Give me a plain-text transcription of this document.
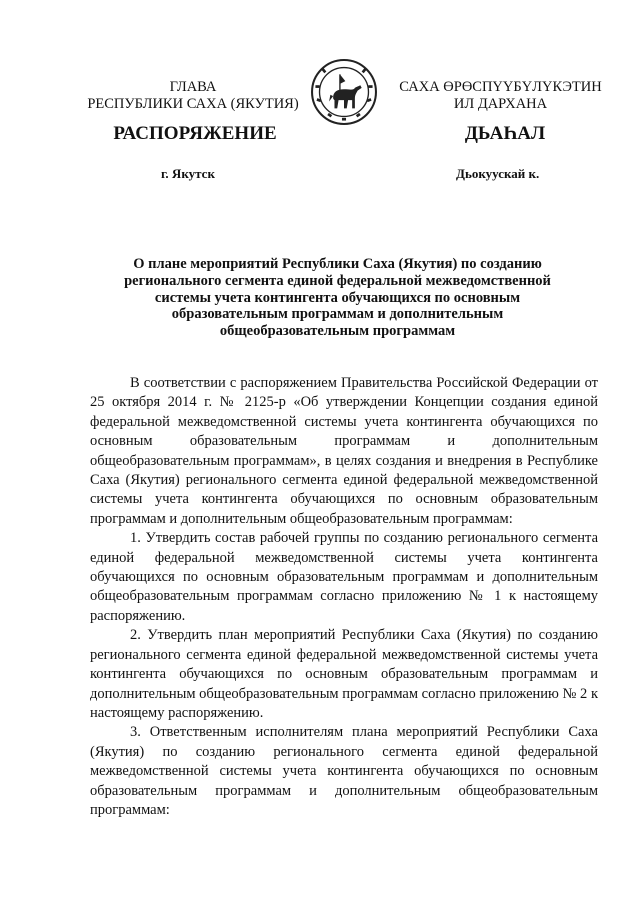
ГЛАВА
РЕСПУБЛИКИ САХА (ЯКУТИЯ)
САХА ӨРӨСПҮҮБҮЛҮКЭТИН
ИЛ ДАРХАНА
РАСПОРЯЖЕНИЕ	ДЬАҺАЛ
г. Якутск	Дьокуускай к.
О плане мероприятий Республики Саха (Якутия) по созданию
регионального сегмента единой федеральной межведомственной
системы учета контингента обучающихся по основным
образовательным программам и дополнительным
общеобразовательным программам

В соответствии с распоряжением Правительства Российской Федерации от 25 октября 2014 г. № 2125-р «Об утверждении Концепции создания единой федеральной межведомственной системы учета контингента обучающихся по основным образовательным программам и дополнительным общеобразовательным программам», в целях создания и внедрения в Республике Саха (Якутия) регионального сегмента единой федеральной межведомственной системы учета контингента обучающихся по основным образовательным программам и дополнительным общеобразовательным программам:

1. Утвердить состав рабочей группы по созданию регионального сегмента единой федеральной межведомственной системы учета контингента обучающихся по основным образовательным программам и дополнительным общеобразовательным программам согласно приложению № 1 к настоящему распоряжению.

2. Утвердить план мероприятий Республики Саха (Якутия) по созданию регионального сегмента единой федеральной межведомственной системы учета контингента обучающихся по основным образовательным программам и дополнительным общеобразовательным программам согласно приложению № 2 к настоящему распоряжению.

3. Ответственным исполнителям плана мероприятий Республики Саха (Якутия) по созданию регионального сегмента единой федеральной межведомственной системы учета контингента обучающихся по основным образовательным программам и дополнительным общеобразовательным программам:
